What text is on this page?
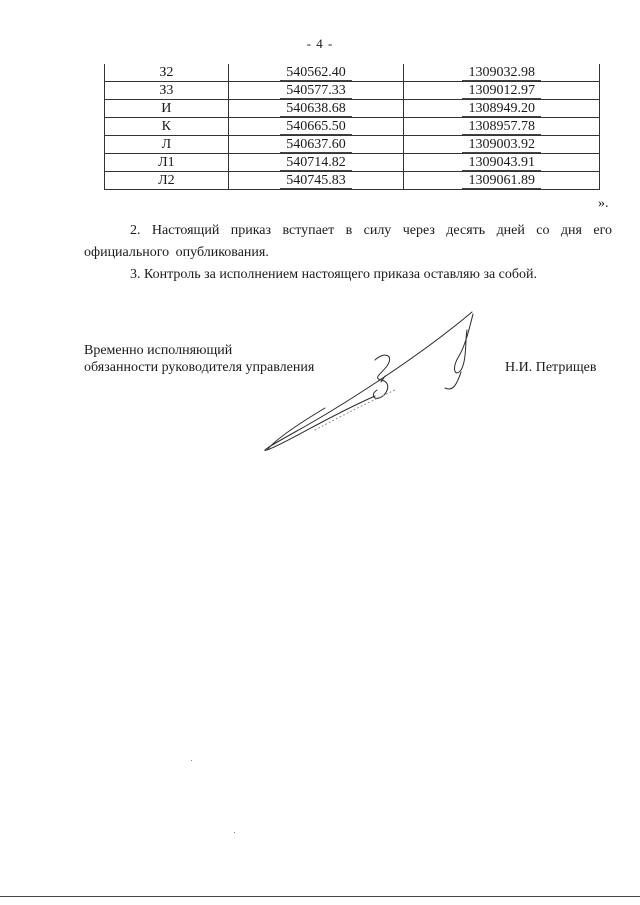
- 4 -
З2	540562.40	1309032.98
З3	540577.33	1309012.97
И	540638.68	1308949.20
К	540665.50	1308957.78
Л	540637.60	1309003.92
Л1	540714.82	1309043.91
Л2	540745.83	1309061.89
».
2. Настоящий приказ вступает в силу через десять дней со дня его официального опубликования.
3. Контроль за исполнением настоящего приказа оставляю за собой.
Временно исполняющий
обязанности руководителя управления	Н.И. Петрищев
